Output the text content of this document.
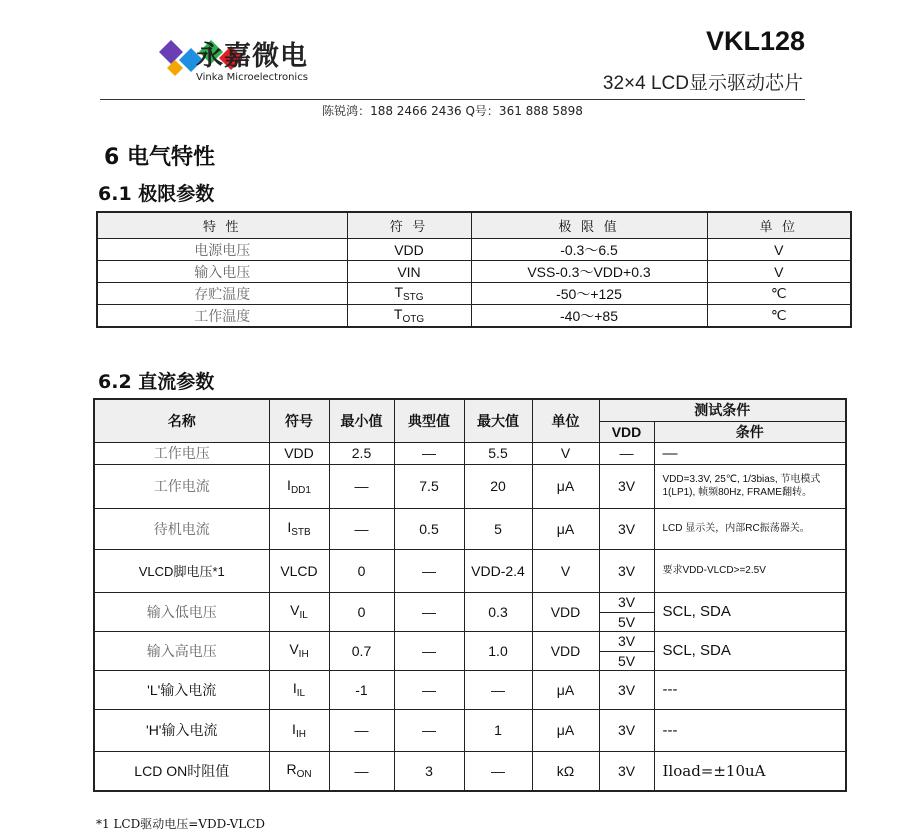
永嘉微电
Vinka Microelectronics
VKL128
32×4 LCD显示驱动芯片
陈锐鸿：188 2466 2436 Q号：361 888 5898
6 电气特性
6.1 极限参数
特 性	符 号	极 限 值	单 位
电源电压	VDD	-0.3～6.5	V
输入电压	VIN	VSS-0.3～VDD+0.3	V
存贮温度	$T_{STG}$	-50～+125	℃
工作温度	$T_{OTG}$	-40～+85	℃
6.2 直流参数
名称	符号	最小值	典型值	最大值	单位	测试条件	
						VDD	条件
工作电压	VDD	2.5	—	5.5	V	—	—
工作电流	$I_{DD1}$	—	7.5	20	μA	3V	VDD=3.3V, 25℃, 1/3bias, 节电模式1(LP1), 帧频80Hz, FRAME翻转。
待机电流	$I_{STB}$	—	0.5	5	μA	3V	LCD 显示关，内部RC振荡器关。
VLCD脚电压*1	VLCD	0	—	VDD-2.4	V	3V	要求VDD-VLCD>=2.5V
输入低电压	$V_{IL}$	0	—	0.3	VDD	3V	SCL, SDA
						5V	
输入高电压	$V_{IH}$	0.7	—	1.0	VDD	3V	SCL, SDA
						5V	
'L'输入电流	$I_{IL}$	-1	—	—	μA	3V	---
'H'输入电流	$I_{IH}$	—	—	1	μA	3V	---
LCD ON时阻值	$R_{ON}$	—	3	—	kΩ	3V	Iload=±10uA
*1 LCD驱动电压=VDD-VLCD
